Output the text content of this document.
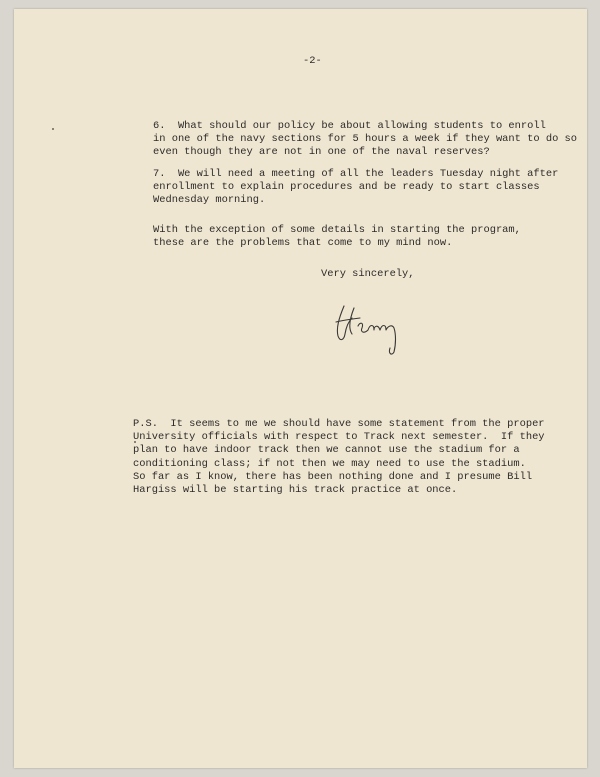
-2-

6.  What should our policy be about allowing students to enroll
in one of the navy sections for 5 hours a week if they want to do so
even though they are not in one of the naval reserves?

7.  We will need a meeting of all the leaders Tuesday night after
enrollment to explain procedures and be ready to start classes
Wednesday morning.

With the exception of some details in starting the program,
these are the problems that come to my mind now.

Very sincerely,

P.S.  It seems to me we should have some statement from the proper
University officials with respect to Track next semester.  If they
plan to have indoor track then we cannot use the stadium for a
conditioning class; if not then we may need to use the stadium.
So far as I know, there has been nothing done and I presume Bill
Hargiss will be starting his track practice at once.
